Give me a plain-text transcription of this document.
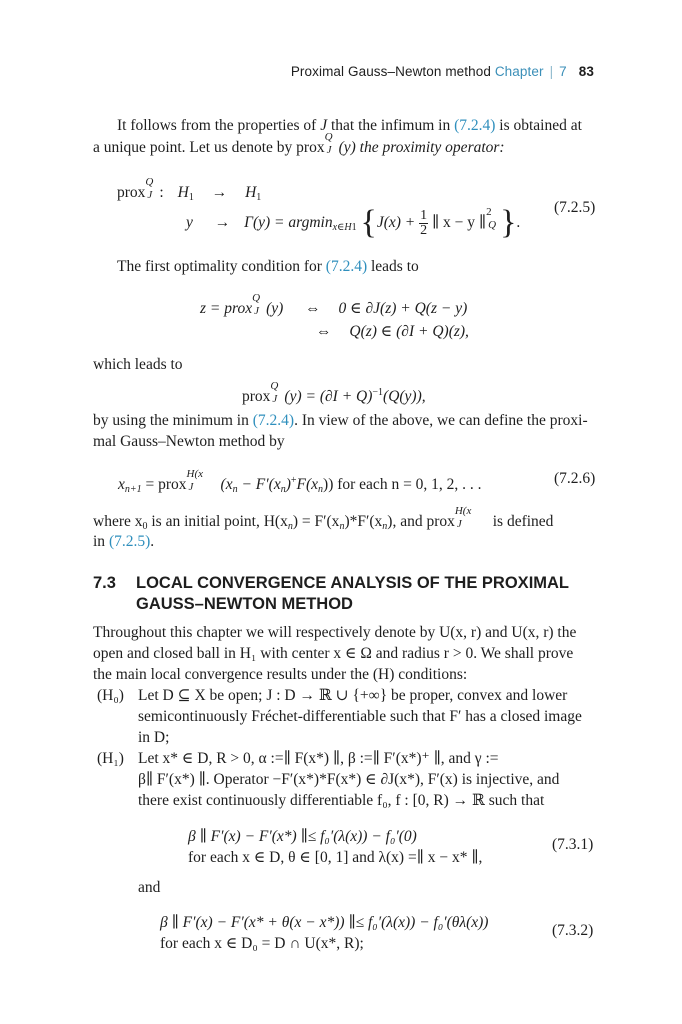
Proximal Gauss–Newton method Chapter | 7 83
It follows from the properties of J that the infimum in (7.2.4) is obtained at
a unique point. Let us denote by prox
Q
J (y) the proximity operator:
prox
Q
J : $H_1 \to H_1$
(7.2.5)
y → Γ(y) = argmin$_{x\in H1}$ {$J(x) + \frac{1}{2}$ ∥ x − y ∥
2
Q }.
The first optimality condition for (7.2.4) leads to
z = prox
Q
J (y) ⇔ 0 ∈ ∂J(z) + Q(z − y)
⇔ Q(z) ∈ (∂I + Q)(z),
which leads to
prox
Q
J $(y) = (\partial I + Q)^{-1}(Q(y))$,
by using the minimum in (7.2.4). In view of the above, we can define the proxi-
mal Gauss–Newton method by
$x_{n+1}$ = prox
H(x
J $(x_n - F'(x_n)^+F(x_n))$ for each n = 0, 1, 2, . . .	(7.2.6)
where $x_0$ is an initial point, $H(x_n) = F'(x_n)*F'(x_n)$, and prox
H(x
J is defined
in (7.2.5).
7.3 LOCAL CONVERGENCE ANALYSIS OF THE PROXIMAL
GAUSS–NEWTON METHOD
Throughout this chapter we will respectively denote by U(x, r) and U(x, r) the
open and closed ball in H₁ with center x ∈ Ω and radius r > 0. We shall prove
the main local convergence results under the (H) conditions:
(H₀) Let D ⊆ X be open; J : D → ℝ ∪ {+∞} be proper, convex and lower
semicontinuously Fréchet-differentiable such that F′ has a closed image
in D;
(H₁) Let x* ∈ D, R > 0, α :=∥ F(x*) ∥, β :=∥ F′(x*)⁺ ∥, and γ :=
β∥ F′(x*) ∥. Operator −F′(x*)*F(x*) ∈ ∂J(x*), F′(x) is injective, and
there exist continuously differentiable f₀, f : [0, R) → ℝ such that
β ∥ F′(x) − F′(x*) ∥≤ f₀′(λ(x)) − f₀′(0)
for each x ∈ D, θ ∈ [0, 1] and λ(x) =∥ x − x* ∥,
(7.3.1)
and
β ∥ F′(x) − F′(x* + θ(x − x*)) ∥≤ f₀′(λ(x)) − f₀′(θλ(x))
for each x ∈ D₀ = D ∩ U(x*, R);
(7.3.2)
